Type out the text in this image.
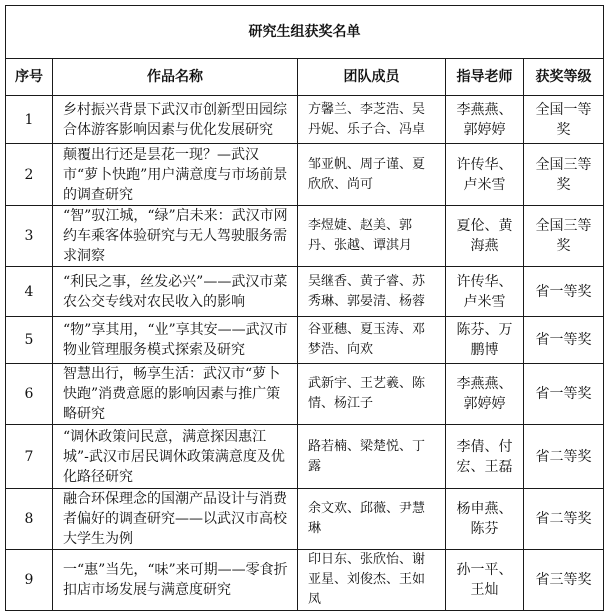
研究生组获奖名单				
序号	作品名称	团队成员	指导老师	获奖等级
1	乡村振兴背景下武汉市创新型田园综合体游客影响因素与优化发展研究	方馨兰、李芝浩、吴丹妮、乐子合、冯卓	李燕燕、郭婷婷	全国一等奖
2	颠覆出行还是昙花一现？—武汉市“萝卜快跑”用户满意度与市场前景的调查研究	邹亚帆、周子谨、夏欣欣、尚可	许传华、卢米雪	全国三等奖
3	“智”驭江城，“绿”启未来：武汉市网约车乘客体验研究与无人驾驶服务需求洞察	李煜婕、赵美、郭丹、张越、谭淇月	夏伦、黄海燕	全国三等奖
4	“利民之事，丝发必兴”——武汉市菜农公交专线对农民收入的影响	吴继香、黄子睿、苏秀琳、郭晏清、杨蓉	许传华、卢米雪	省一等奖
5	“物”享其用，“业”享其安——武汉市物业管理服务模式探索及研究	谷亚穗、夏玉涛、邓梦浩、向欢	陈芬、万鹏博	省一等奖
6	智慧出行，畅享生活：武汉市“萝卜快跑”消费意愿的影响因素与推广策略研究	武新宇、王艺羲、陈情、杨江子	李燕燕、郭婷婷	省一等奖
7	“调休政策问民意，满意探因惠江城”-武汉市居民调休政策满意度及优化路径研究	路若楠、梁楚悦、丁露	李倩、付宏、王磊	省二等奖
8	融合环保理念的国潮产品设计与消费者偏好的调查研究——以武汉市高校大学生为例	余文欢、邱薇、尹慧琳	杨申燕、陈芬	省二等奖
9	一“惠”当先，“味”来可期——零食折扣店市场发展与满意度研究	印日东、张欣怡、谢亚星、刘俊杰、王如凤	孙一平、王灿	省三等奖
